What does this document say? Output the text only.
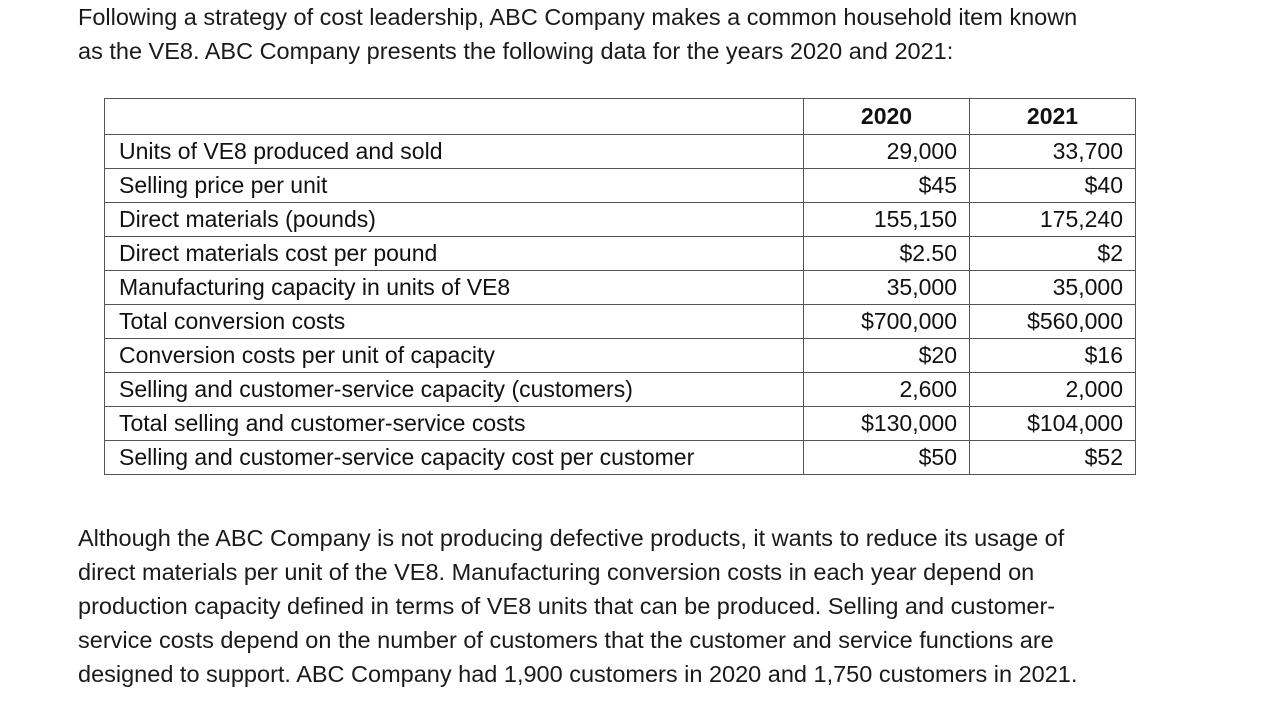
Following a strategy of cost leadership, ABC Company makes a common household item known
as the VE8. ABC Company presents the following data for the years 2020 and 2021:

	2020	2021
Units of VE8 produced and sold	29,000	33,700
Selling price per unit	$45	$40
Direct materials (pounds)	155,150	175,240
Direct materials cost per pound	$2.50	$2
Manufacturing capacity in units of VE8	35,000	35,000
Total conversion costs	$700,000	$560,000
Conversion costs per unit of capacity	$20	$16
Selling and customer-service capacity (customers)	2,600	2,000
Total selling and customer-service costs	$130,000	$104,000
Selling and customer-service capacity cost per customer	$50	$52

Although the ABC Company is not producing defective products, it wants to reduce its usage of
direct materials per unit of the VE8. Manufacturing conversion costs in each year depend on
production capacity defined in terms of VE8 units that can be produced. Selling and customer-
service costs depend on the number of customers that the customer and service functions are
designed to support. ABC Company had 1,900 customers in 2020 and 1,750 customers in 2021.
